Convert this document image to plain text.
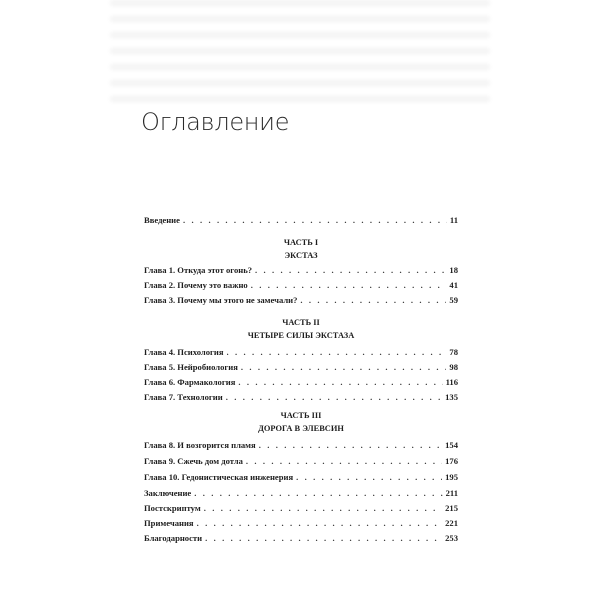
Оглавление
Введение . . .	11
ЧАСТЬ I
ЭКСТАЗ
Глава 1. Откуда этот огонь? . . .	18
Глава 2. Почему это важно . . .	41
Глава 3. Почему мы этого не замечали? . . .	59
ЧАСТЬ II
ЧЕТЫРЕ СИЛЫ ЭКСТАЗА
Глава 4. Психология . . .	78
Глава 5. Нейробиология . . .	98
Глава 6. Фармакология . . .	116
Глава 7. Технологии . . .	135
ЧАСТЬ III
ДОРОГА В ЭЛЕВСИН
Глава 8. И возгорится пламя . . .	154
Глава 9. Сжечь дом дотла . . .	176
Глава 10. Гедонистическая инженерия . . .	195
Заключение . . .	211
Постскриптум . . .	215
Примечания . . .	221
Благодарности . . .	253
